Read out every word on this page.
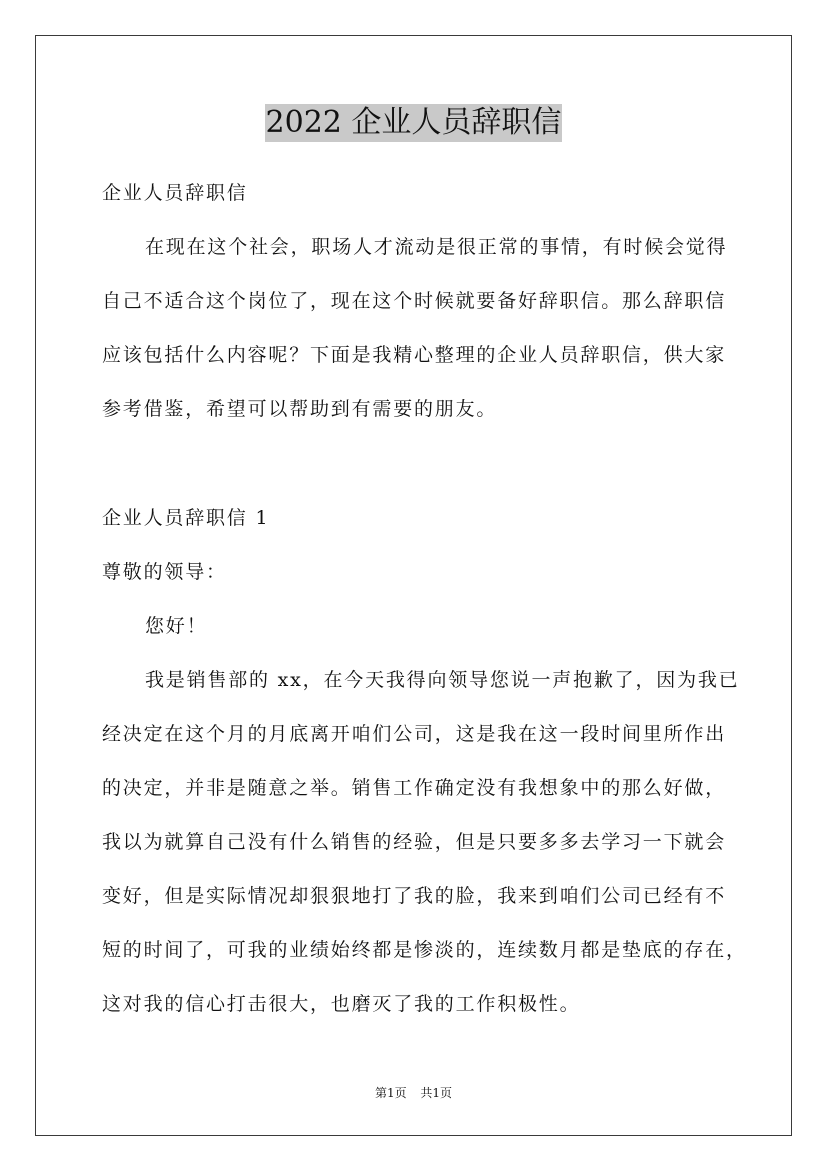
2022 企业人员辞职信
企业人员辞职信
在现在这个社会，职场人才流动是很正常的事情，有时候会觉得
自己不适合这个岗位了，现在这个时候就要备好辞职信。那么辞职信
应该包括什么内容呢？下面是我精心整理的企业人员辞职信，供大家
参考借鉴，希望可以帮助到有需要的朋友。
企业人员辞职信 1
尊敬的领导：
您好！
我是销售部的 xx，在今天我得向领导您说一声抱歉了，因为我已
经决定在这个月的月底离开咱们公司，这是我在这一段时间里所作出
的决定，并非是随意之举。销售工作确定没有我想象中的那么好做，
我以为就算自己没有什么销售的经验，但是只要多多去学习一下就会
变好，但是实际情况却狠狠地打了我的脸，我来到咱们公司已经有不
短的时间了，可我的业绩始终都是惨淡的，连续数月都是垫底的存在，
这对我的信心打击很大，也磨灭了我的工作积极性。
第1页 共1页
